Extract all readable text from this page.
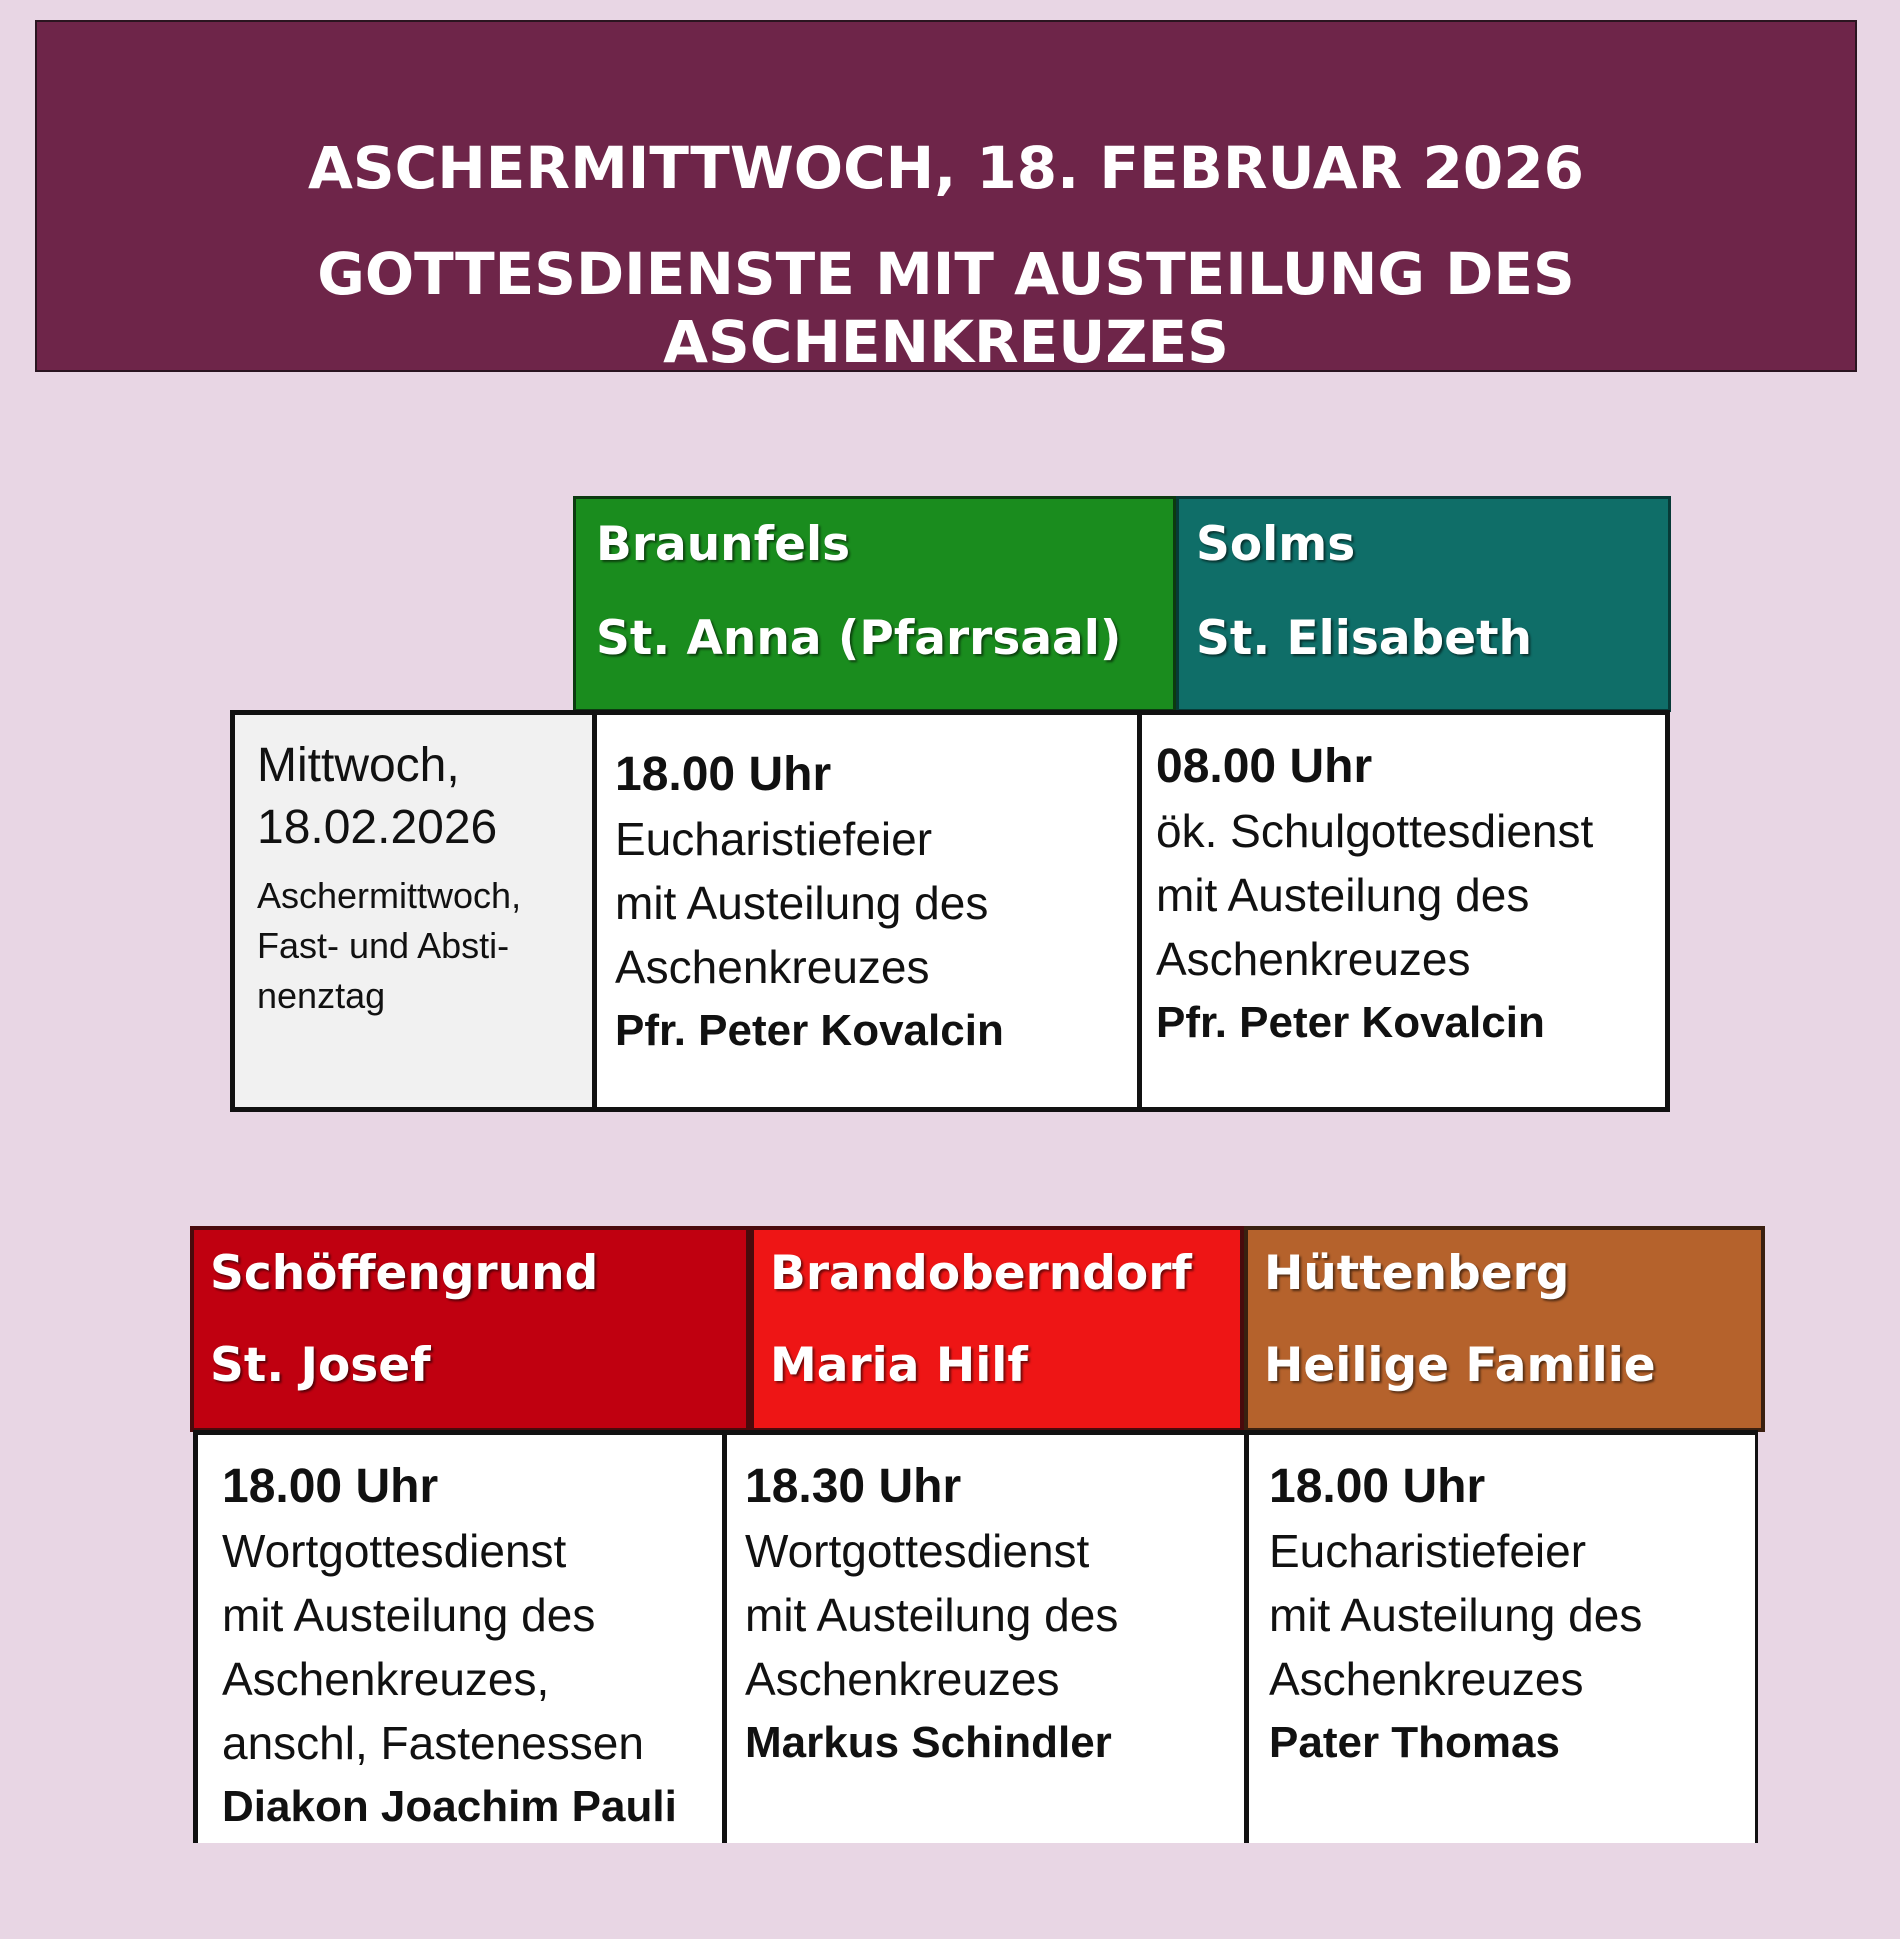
ASCHERMITTWOCH, 18. FEBRUAR 2026
GOTTESDIENSTE MIT AUSTEILUNG DES ASCHENKREUZES
Braunfels
St. Anna (Pfarrsaal)
Solms
St. Elisabeth
Mittwoch,
18.02.2026
Aschermittwoch,
Fast- und Absti-
nenztag
18.00 Uhr
Eucharistiefeier
mit Austeilung des
Aschenkreuzes
Pfr. Peter Kovalcin
08.00 Uhr
ök. Schulgottesdienst
mit Austeilung des
Aschenkreuzes
Pfr. Peter Kovalcin
Schöffengrund
St. Josef
Brandoberndorf
Maria Hilf
Hüttenberg
Heilige Familie
18.00 Uhr
Wortgottesdienst
mit Austeilung des
Aschenkreuzes,
anschl, Fastenessen
Diakon Joachim Pauli
18.30 Uhr
Wortgottesdienst
mit Austeilung des
Aschenkreuzes
Markus Schindler
18.00 Uhr
Eucharistiefeier
mit Austeilung des
Aschenkreuzes
Pater Thomas
